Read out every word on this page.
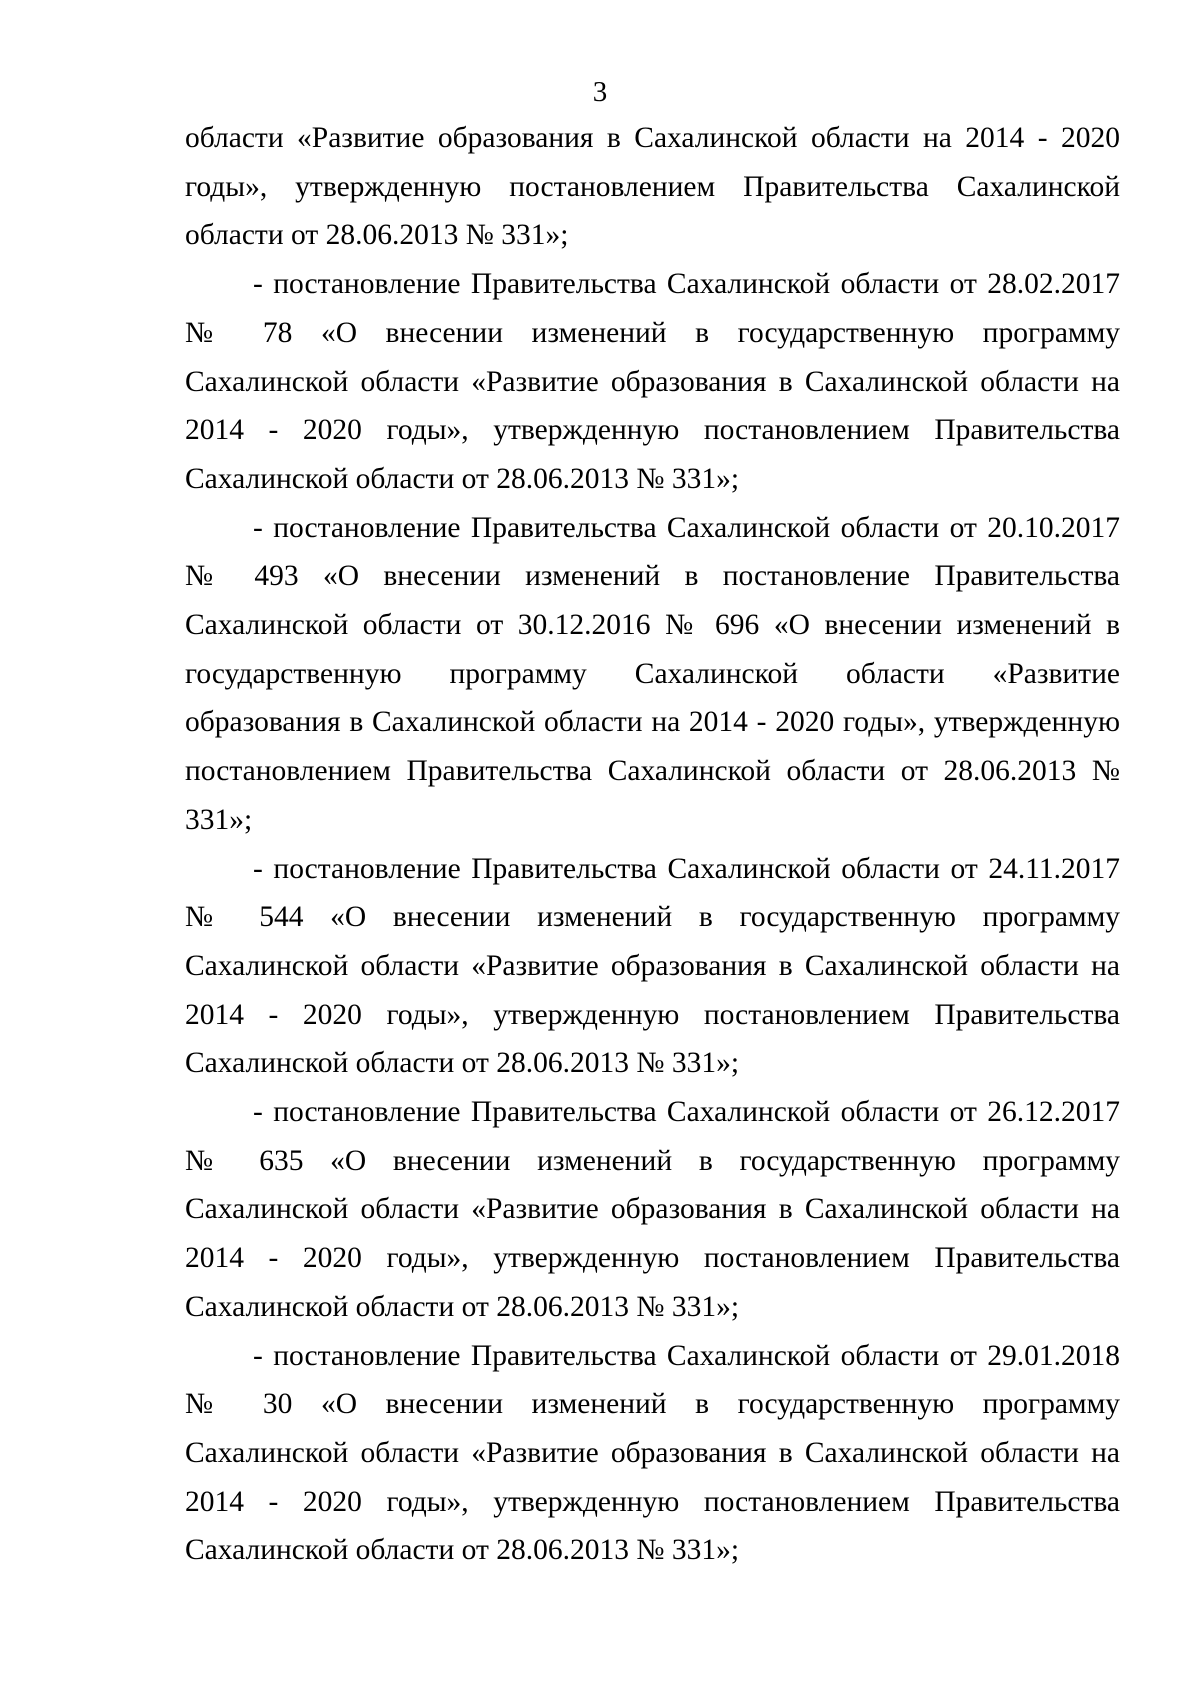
3

области «Развитие образования в Сахалинской области на 2014 - 2020 годы», утвержденную постановлением Правительства Сахалинской области от 28.06.2013 № 331»;

- постановление Правительства Сахалинской области от 28.02.2017 № 78 «О внесении изменений в государственную программу Сахалинской области «Развитие образования в Сахалинской области на 2014 - 2020 годы», утвержденную постановлением Правительства Сахалинской области от 28.06.2013 № 331»;

- постановление Правительства Сахалинской области от 20.10.2017 № 493 «О внесении изменений в постановление Правительства Сахалинской области от 30.12.2016 № 696 «О внесении изменений в государственную программу Сахалинской области «Развитие образования в Сахалинской области на 2014 - 2020 годы», утвержденную постановлением Правительства Сахалинской области от 28.06.2013 № 331»;

- постановление Правительства Сахалинской области от 24.11.2017 № 544 «О внесении изменений в государственную программу Сахалинской области «Развитие образования в Сахалинской области на 2014 - 2020 годы», утвержденную постановлением Правительства Сахалинской области от 28.06.2013 № 331»;

- постановление Правительства Сахалинской области от 26.12.2017 № 635 «О внесении изменений в государственную программу Сахалинской области «Развитие образования в Сахалинской области на 2014 - 2020 годы», утвержденную постановлением Правительства Сахалинской области от 28.06.2013 № 331»;

- постановление Правительства Сахалинской области от 29.01.2018 № 30 «О внесении изменений в государственную программу Сахалинской области «Развитие образования в Сахалинской области на 2014 - 2020 годы», утвержденную постановлением Правительства Сахалинской области от 28.06.2013 № 331»;
